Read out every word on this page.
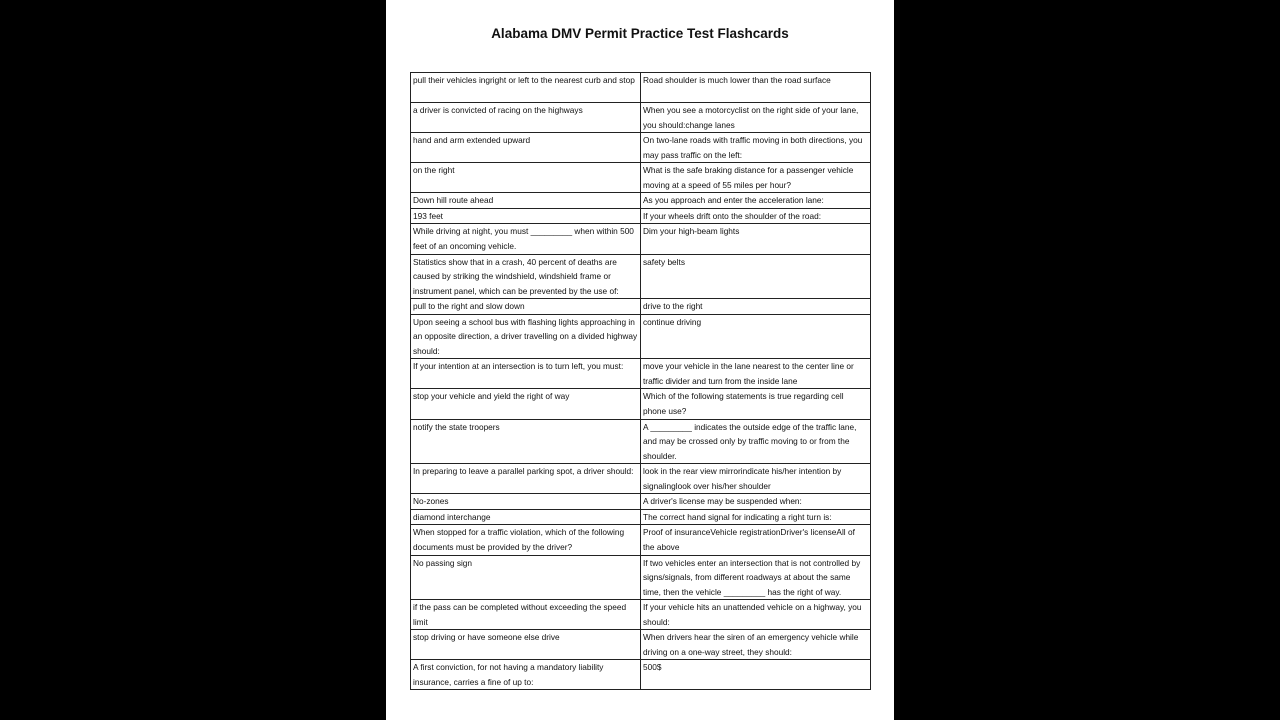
Alabama DMV Permit Practice Test Flashcards
pull their vehicles ingright or left to the nearest curb and stop	Road shoulder is much lower than the road surface

a driver is convicted of racing on the highways	When you see a motorcyclist on the right side of your lane, you should:change lanes

hand and arm extended upward	On two-lane roads with traffic moving in both directions, you may pass traffic on the left:

on the right	What is the safe braking distance for a passenger vehicle moving at a speed of 55 miles per hour?

Down hill route ahead	As you approach and enter the acceleration lane:

193 feet	If your wheels drift onto the shoulder of the road:

While driving at night, you must _________ when within 500 feet of an oncoming vehicle.	Dim your high-beam lights

Statistics show that in a crash, 40 percent of deaths are caused by striking the windshield, windshield frame or instrument panel, which can be prevented by the use of:	safety belts

pull to the right and slow down	drive to the right

Upon seeing a school bus with flashing lights approaching in an opposite direction, a driver travelling on a divided highway should:	continue driving

If your intention at an intersection is to turn left, you must:	move your vehicle in the lane nearest to the center line or traffic divider and turn from the inside lane

stop your vehicle and yield the right of way	Which of the following statements is true regarding cell phone use?

notify the state troopers	A _________ indicates the outside edge of the traffic lane, and may be crossed only by traffic moving to or from the shoulder.

In preparing to leave a parallel parking spot, a driver should:	look in the rear view mirrorindicate his/her intention by signalinglook over his/her shoulder

No-zones	A driver's license may be suspended when:

diamond interchange	The correct hand signal for indicating a right turn is:

When stopped for a traffic violation, which of the following documents must be provided by the driver?	Proof of insuranceVehicle registrationDriver's licenseAll of the above

No passing sign	If two vehicles enter an intersection that is not controlled by signs/signals, from different roadways at about the same time, then the vehicle _________ has the right of way.

if the pass can be completed without exceeding the speed limit	If your vehicle hits an unattended vehicle on a highway, you should:

stop driving or have someone else drive	When drivers hear the siren of an emergency vehicle while driving on a one-way street, they should:

A first conviction, for not having a mandatory liability insurance, carries a fine of up to:	500$
